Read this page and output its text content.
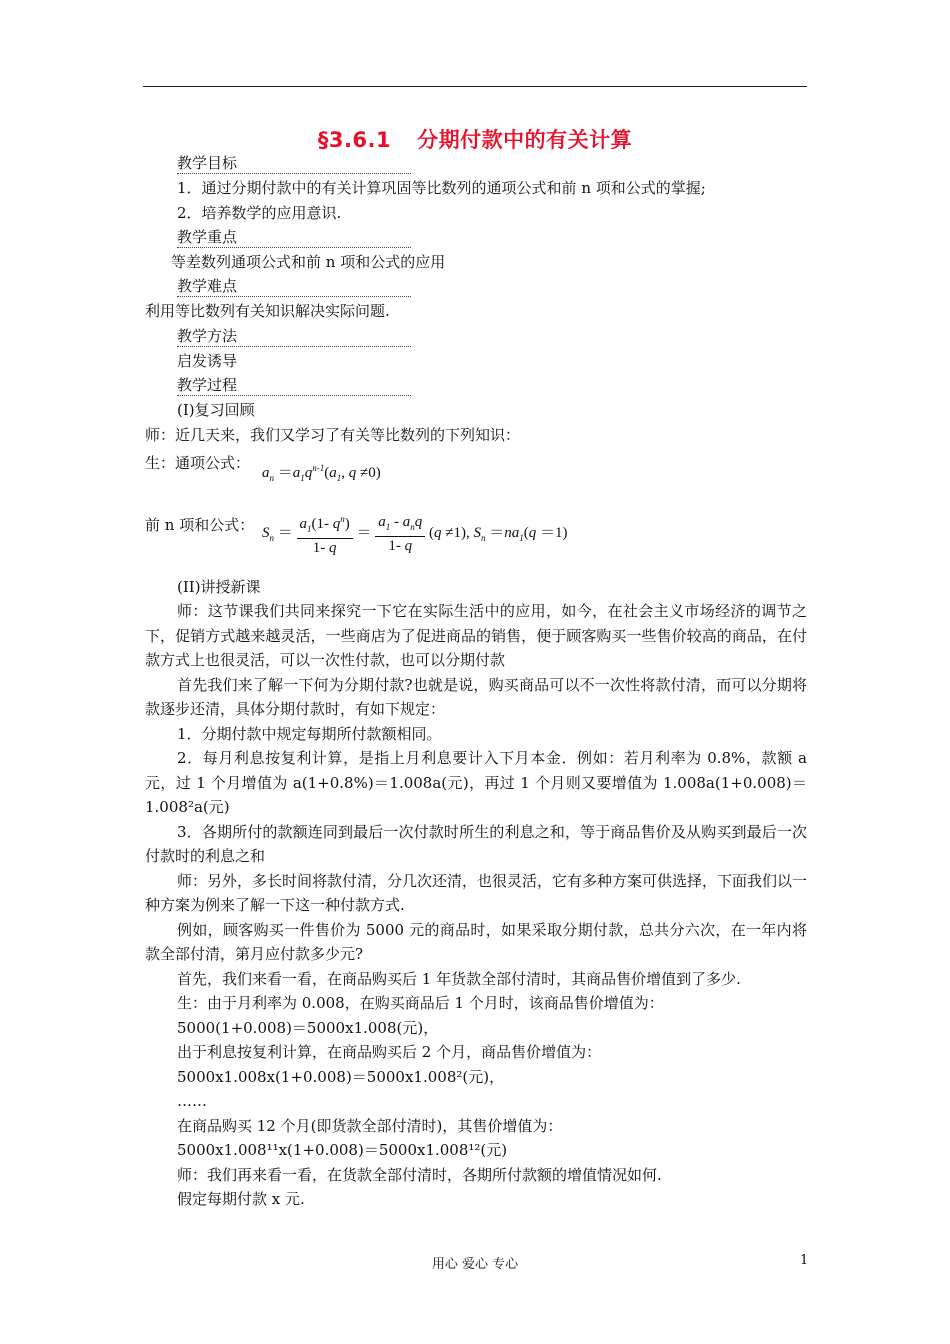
§3.6.1 分期付款中的有关计算
教学目标
1．通过分期付款中的有关计算巩固等比数列的通项公式和前 n 项和公式的掌握;
2．培养数学的应用意识.
教学重点
等差数列通项公式和前 n 项和公式的应用
教学难点
利用等比数列有关知识解决实际问题.
教学方法
启发诱导
教学过程
(I)复习回顾
师：近几天来，我们又学习了有关等比数列的下列知识：
生：通项公式：
$a_n =a_1q^{n-1}(a_1$, q ≠0)
前 n 项和公式： $S_n = \frac{a_1(1- q^n)}{1- q} = \frac{a_1 - a_nq}{1- q} (q \ne 1)$, $S_n =na_1(q =1)$
(II)讲授新课

师：这节课我们共同来探究一下它在实际生活中的应用，如今，在社会主义市场经济的调节之下，促销方式越来越灵活，一些商店为了促进商品的销售，便于顾客购买一些售价较高的商品，在付款方式上也很灵活，可以一次性付款，也可以分期付款

首先我们来了解一下何为分期付款?也就是说，购买商品可以不一次性将款付清，而可以分期将款逐步还清，具体分期付款时，有如下规定：

1．分期付款中规定每期所付款额相同。

2．每月利息按复利计算，是指上月利息要计入下月本金．例如：若月利率为 0.8%，款额 a 元，过 1 个月增值为 a(1+0.8%)＝1.008a(元)，再过 1 个月则又要增值为 1.008a(1+0.008)＝1.008²a(元)

3．各期所付的款额连同到最后一次付款时所生的利息之和，等于商品售价及从购买到最后一次付款时的利息之和

师：另外，多长时间将款付清，分几次还清，也很灵活，它有多种方案可供选择，下面我们以一种方案为例来了解一下这一种付款方式.

例如，顾客购买一件售价为 5000 元的商品时，如果采取分期付款，总共分六次，在一年内将款全部付清，第月应付款多少元?

首先，我们来看一看，在商品购买后 1 年货款全部付清时，其商品售价增值到了多少.

生：由于月利率为 0.008，在购买商品后 1 个月时，该商品售价增值为：

5000(1+0.008)＝5000x1.008(元)，

出于利息按复利计算，在商品购买后 2 个月，商品售价增值为：

5000x1.008x(1+0.008)＝5000x1.008²(元)，

……

在商品购买 12 个月(即货款全部付清时)，其售价增值为：

5000x1.008¹¹x(1+0.008)＝5000x1.008¹²(元)

师：我们再来看一看，在货款全部付清时，各期所付款额的增值情况如何.

假定每期付款 x 元.

用心 爱心 专心	1
